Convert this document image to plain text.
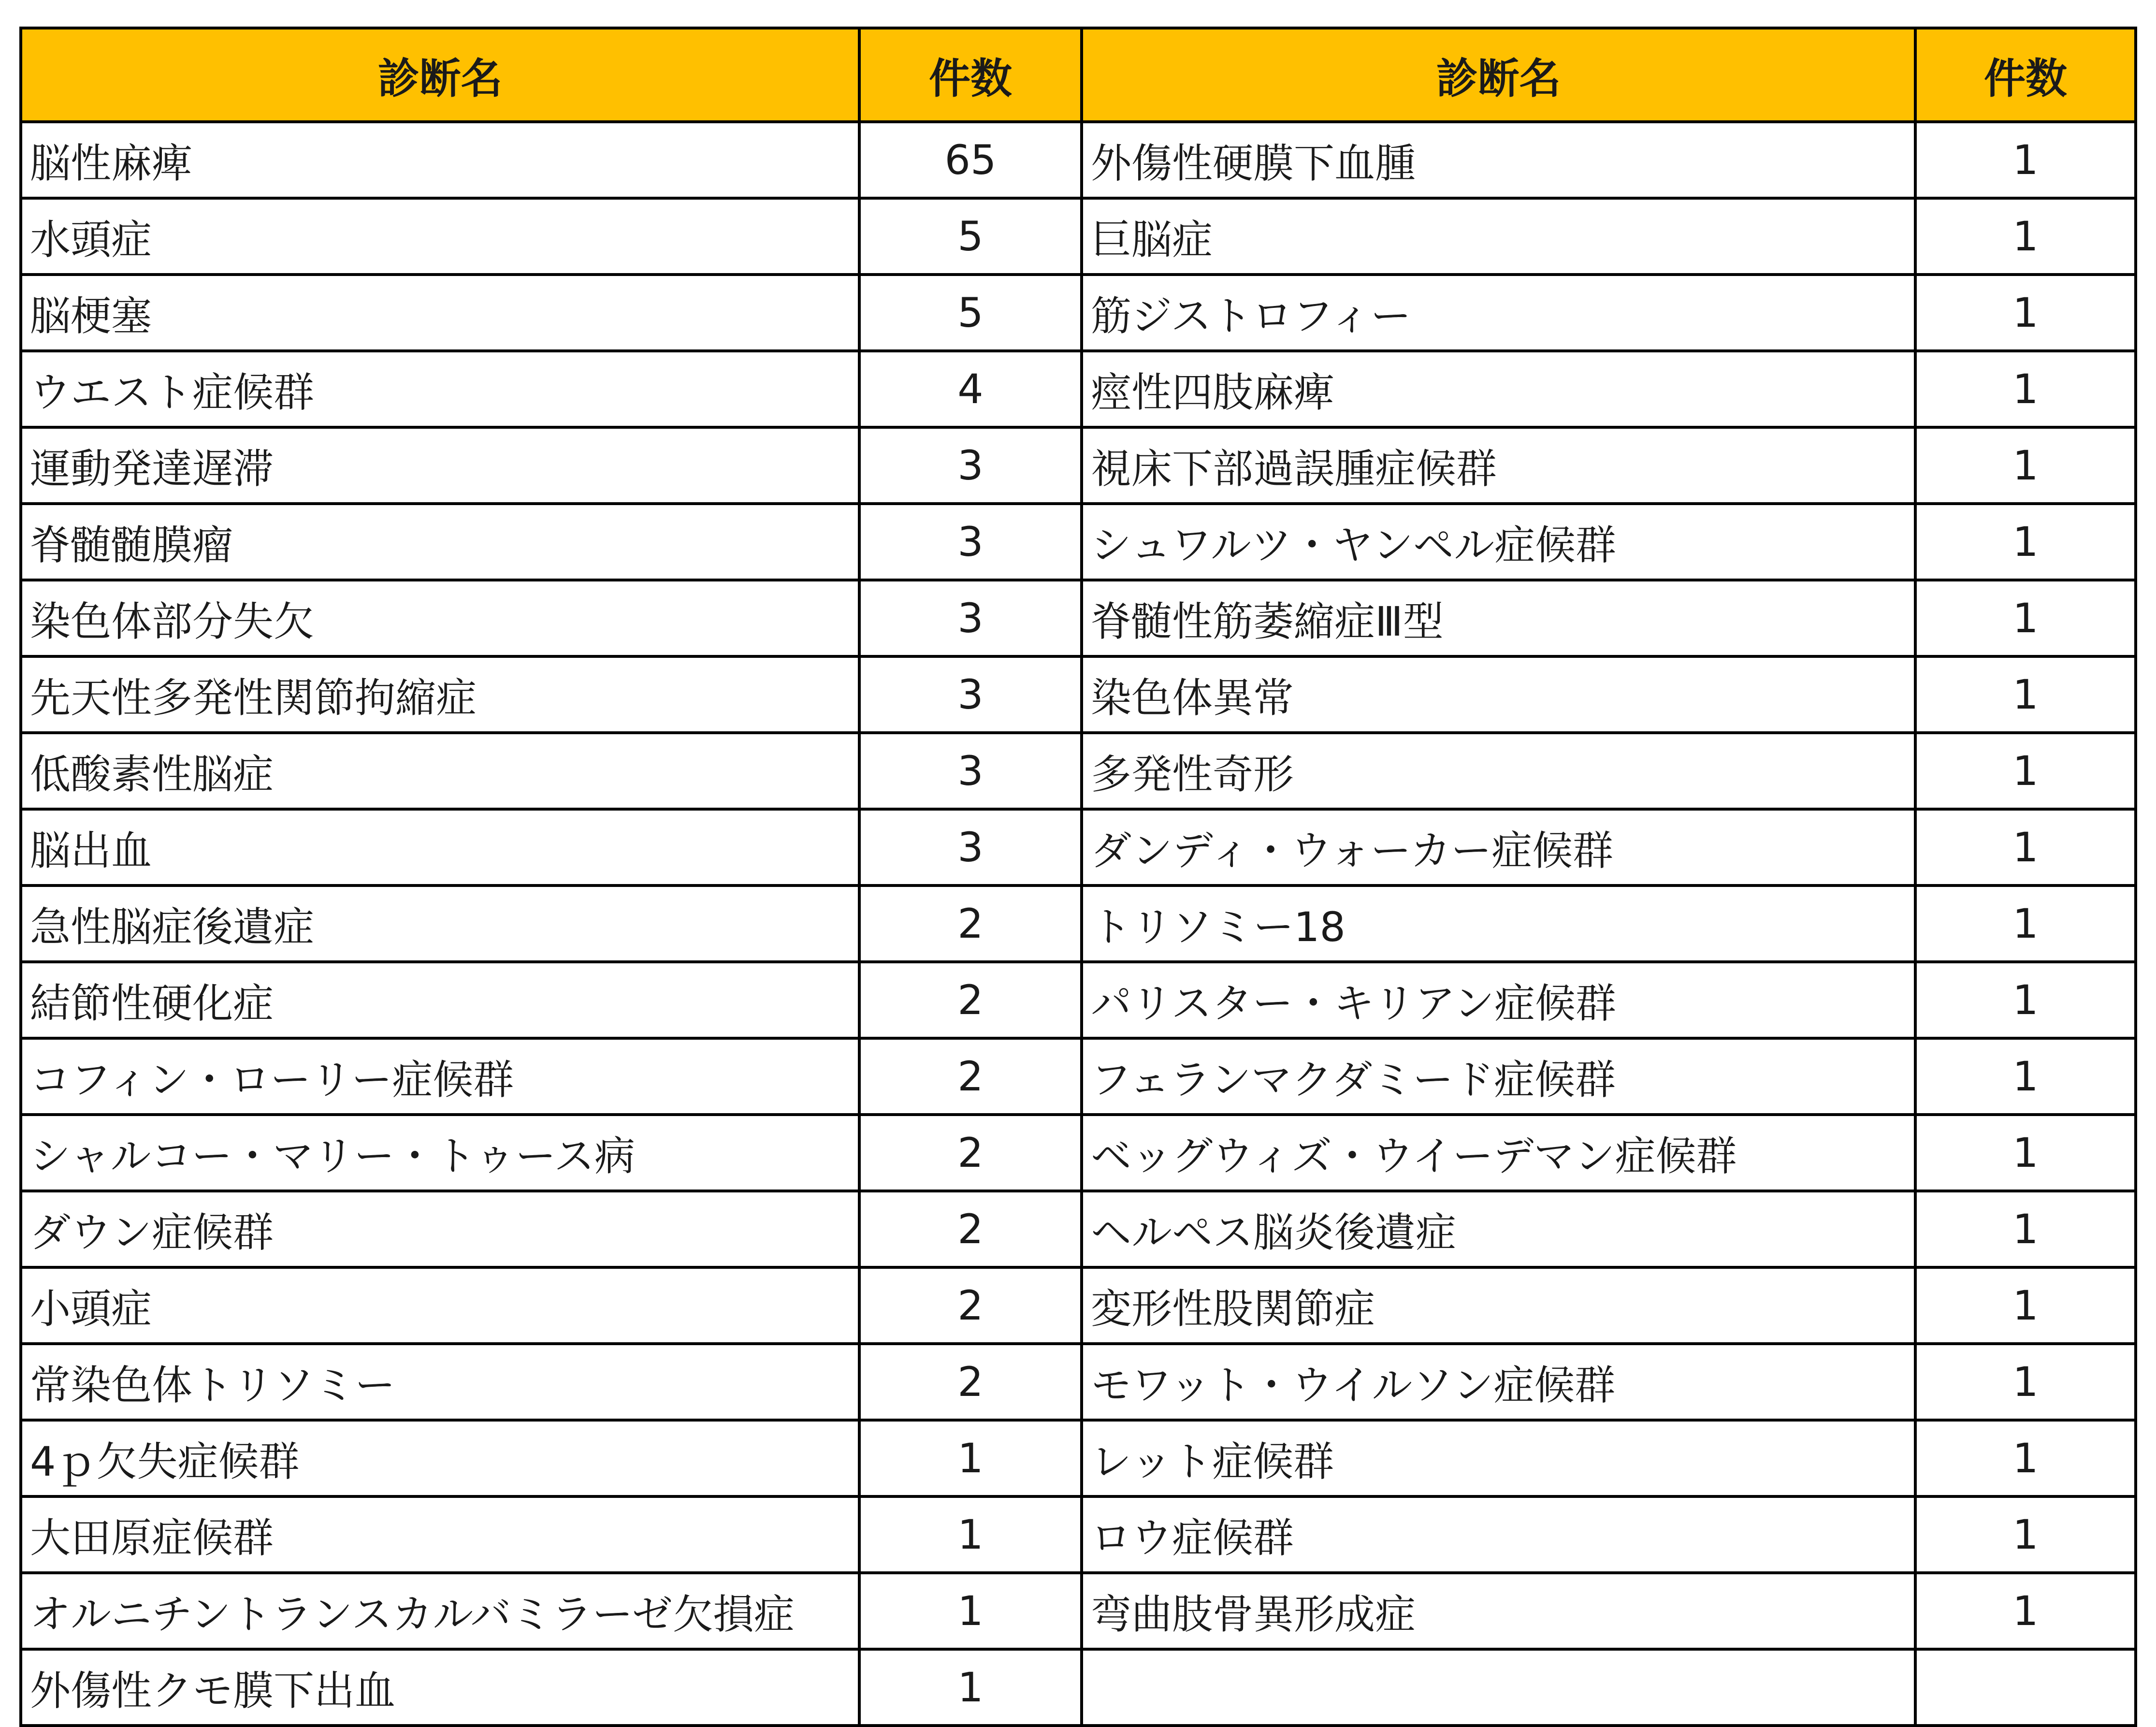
診断名	件数	診断名	件数
脳性麻痺	65	外傷性硬膜下血腫	1
水頭症	5	巨脳症	1
脳梗塞	5	筋ジストロフィー	1
ウエスト症候群	4	痙性四肢麻痺	1
運動発達遅滞	3	視床下部過誤腫症候群	1
脊髄髄膜瘤	3	シュワルツ・ヤンペル症候群	1
染色体部分失欠	3	脊髄性筋萎縮症Ⅲ型	1
先天性多発性関節拘縮症	3	染色体異常	1
低酸素性脳症	3	多発性奇形	1
脳出血	3	ダンディ・ウォーカー症候群	1
急性脳症後遺症	2	トリソミー18	1
結節性硬化症	2	パリスター・キリアン症候群	1
コフィン・ローリー症候群	2	フェランマクダミード症候群	1
シャルコー・マリー・トゥース病	2	ベッグウィズ・ウイーデマン症候群	1
ダウン症候群	2	ヘルペス脳炎後遺症	1
小頭症	2	変形性股関節症	1
常染色体トリソミー	2	モワット・ウイルソン症候群	1
4ｐ欠失症候群	1	レット症候群	1
大田原症候群	1	ロウ症候群	1
オルニチントランスカルバミラーゼ欠損症	1	弯曲肢骨異形成症	1
外傷性クモ膜下出血	1		
